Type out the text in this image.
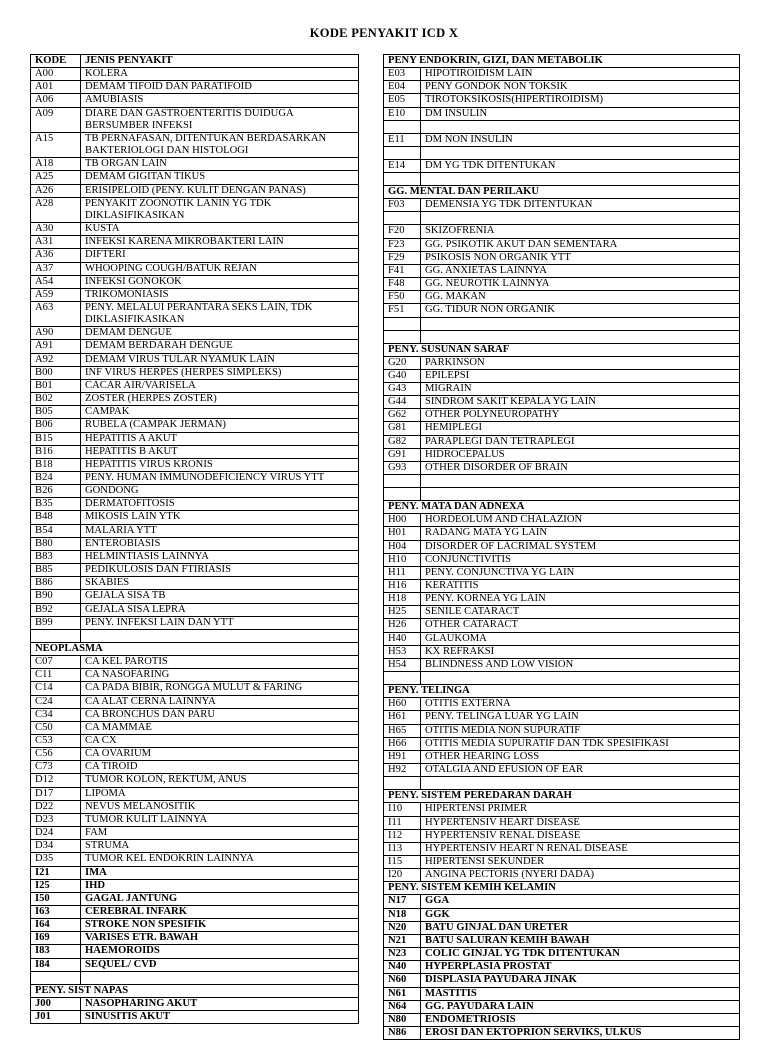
KODE PENYAKIT ICD X
KODE	JENIS PENYAKIT
A00	KOLERA
A01	DEMAM TIFOID DAN PARATIFOID
A06	AMUBIASIS
A09	DIARE DAN GASTROENTERITIS DUIDUGA BERSUMBER INFEKSI
A15	TB PERNAFASAN, DITENTUKAN BERDASARKAN BAKTERIOLOGI DAN HISTOLOGI
A18	TB ORGAN LAIN
A25	DEMAM GIGITAN TIKUS
A26	ERISIPELOID (PENY. KULIT DENGAN PANAS)
A28	PENYAKIT ZOONOTIK LANIN YG TDK DIKLASIFIKASIKAN
A30	KUSTA
A31	INFEKSI KARENA MIKROBAKTERI LAIN
A36	DIFTERI
A37	WHOOPING COUGH/BATUK REJAN
A54	INFEKSI GONOKOK
A59	TRIKOMONIASIS
A63	PENY. MELALUI PERANTARA SEKS LAIN, TDK DIKLASIFIKASIKAN
A90	DEMAM DENGUE
A91	DEMAM BERDARAH DENGUE
A92	DEMAM VIRUS TULAR NYAMUK LAIN
B00	INF VIRUS HERPES (HERPES SIMPLEKS)
B01	CACAR AIR/VARISELA
B02	ZOSTER (HERPES ZOSTER)
B05	CAMPAK
B06	RUBELA (CAMPAK JERMAN)
B15	HEPATITIS A AKUT
B16	HEPATITIS B AKUT
B18	HEPATITIS VIRUS KRONIS
B24	PENY. HUMAN IMMUNODEFICIENCY VIRUS YTT
B26	GONDONG
B35	DERMATOFITOSIS
B48	MIKOSIS LAIN YTK
B54	MALARIA YTT
B80	ENTEROBIASIS
B83	HELMINTIASIS LAINNYA
B85	PEDIKULOSIS DAN FTIRIASIS
B86	SKABIES
B90	GEJALA SISA TB
B92	GEJALA SISA LEPRA
B99	PENY. INFEKSI LAIN DAN YTT

NEOPLASMA	
C07	CA KEL PAROTIS
C11	CA NASOFARING
C14	CA PADA BIBIR, RONGGA MULUT & FARING
C24	CA ALAT CERNA LAINNYA
C34	CA BRONCHUS DAN PARU
C50	CA MAMMAE
C53	CA CX
C56	CA OVARIUM
C73	CA TIROID
D12	TUMOR KOLON, REKTUM, ANUS
D17	LIPOMA
D22	NEVUS MELANOSITIK
D23	TUMOR KULIT LAINNYA
D24	FAM
D34	STRUMA
D35	TUMOR KEL ENDOKRIN LAINNYA
I21	IMA
I25	IHD
I50	GAGAL JANTUNG
I63	CEREBRAL INFARK
I64	STROKE NON SPESIFIK
I69	VARISES ETR. BAWAH
I83	HAEMOROIDS
I84	SEQUEL/ CVD

PENY. SIST NAPAS	
J00	NASOPHARING AKUT
J01	SINUSITIS AKUT
PENY ENDOKRIN, GIZI, DAN METABOLIK	
E03	HIPOTIROIDISM LAIN
E04	PENY GONDOK NON TOKSIK
E05	TIROTOKSIKOSIS(HIPERTIROIDISM)
E10	DM INSULIN

E11	DM NON INSULIN

E14	DM YG TDK DITENTUKAN

GG. MENTAL DAN PERILAKU	
F03	DEMENSIA YG TDK DITENTUKAN

F20	SKIZOFRENIA
F23	GG. PSIKOTIK AKUT DAN SEMENTARA
F29	PSIKOSIS NON ORGANIK YTT
F41	GG. ANXIETAS LAINNYA
F48	GG. NEUROTIK LAINNYA
F50	GG. MAKAN
F51	GG. TIDUR NON ORGANIK

PENY. SUSUNAN SARAF	
G20	PARKINSON
G40	EPILEPSI
G43	MIGRAIN
G44	SINDROM SAKIT KEPALA YG LAIN
G62	OTHER POLYNEUROPATHY
G81	HEMIPLEGI
G82	PARAPLEGI DAN TETRAPLEGI
G91	HIDROCEPALUS
G93	OTHER DISORDER OF BRAIN

PENY. MATA DAN ADNEXA	
H00	HORDEOLUM AND CHALAZION
H01	RADANG MATA YG LAIN
H04	DISORDER OF LACRIMAL SYSTEM
H10	CONJUNCTIVITIS
H11	PENY. CONJUNCTIVA YG LAIN
H16	KERATITIS
H18	PENY. KORNEA YG LAIN
H25	SENILE CATARACT
H26	OTHER CATARACT
H40	GLAUKOMA
H53	KX REFRAKSI
H54	BLINDNESS AND LOW VISION

PENY. TELINGA	
H60	OTITIS EXTERNA
H61	PENY. TELINGA LUAR YG LAIN
H65	OTITIS MEDIA NON SUPURATIF
H66	OTITIS MEDIA SUPURATIF DAN TDK SPESIFIKASI
H91	OTHER HEARING LOSS
H92	OTALGIA AND EFUSION OF EAR

PENY. SISTEM PEREDARAN DARAH	
I10	HIPERTENSI PRIMER
I11	HYPERTENSIV HEART DISEASE
I12	HYPERTENSIV RENAL DISEASE
I13	HYPERTENSIV HEART N RENAL DISEASE
I15	HIPERTENSI SEKUNDER
I20	ANGINA PECTORIS (NYERI DADA)
PENY. SISTEM KEMIH KELAMIN	
N17	GGA
N18	GGK
N20	BATU GINJAL DAN URETER
N21	BATU SALURAN KEMIH BAWAH
N23	COLIC GINJAL YG TDK DITENTUKAN
N40	HYPERPLASIA PROSTAT
N60	DISPLASIA PAYUDARA JINAK
N61	MASTITIS
N64	GG. PAYUDARA LAIN
N80	ENDOMETRIOSIS
N86	EROSI DAN EKTOPRION SERVIKS, ULKUS
